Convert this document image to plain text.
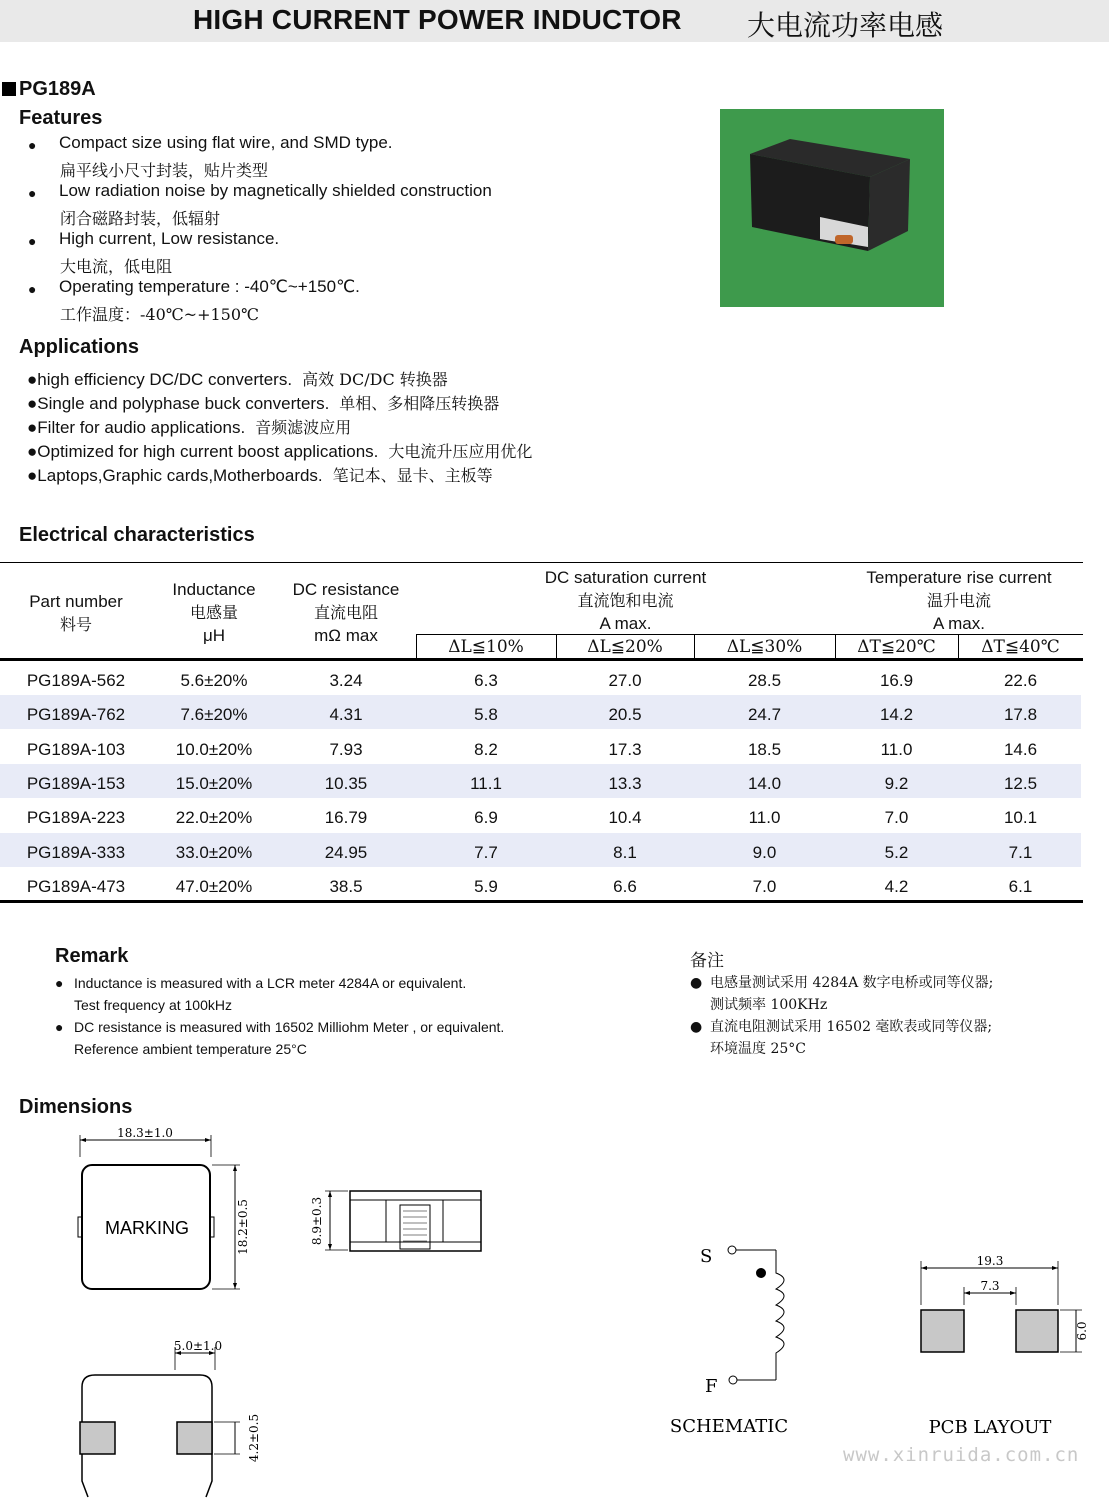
HIGH CURRENT POWER INDUCTOR 大电流功率电感
PG189A
Features
● Compact size using flat wire, and SMD type.
扁平线小尺寸封装，贴片类型
● Low radiation noise by magnetically shielded construction
闭合磁路封装，低辐射
● High current, Low resistance.
大电流，低电阻
● Operating temperature : -40℃~+150℃.
工作温度：-40℃~+150℃
Applications
●high efficiency DC/DC converters. 高效 DC/DC 转换器
●Single and polyphase buck converters. 单相、多相降压转换器
●Filter for audio applications. 音频滤波应用
●Optimized for high current boost applications. 大电流升压应用优化
●Laptops,Graphic cards,Motherboards. 笔记本、显卡、主板等
Electrical characteristics
Part number
料号
Inductance
电感量
μH
DC resistance
直流电阻
mΩ max
DC saturation current
直流饱和电流
A max.
Temperature rise current
温升电流
A max.
ΔL≦10%	ΔL≦20%	ΔL≦30%	ΔT≦20℃	ΔT≦40℃
PG189A-562	5.6±20%	3.24	6.3	27.0	28.5	16.9	22.6
PG189A-762	7.6±20%	4.31	5.8	20.5	24.7	14.2	17.8
PG189A-103	10.0±20%	7.93	8.2	17.3	18.5	11.0	14.6
PG189A-153	15.0±20%	10.35	11.1	13.3	14.0	9.2	12.5
PG189A-223	22.0±20%	16.79	6.9	10.4	11.0	7.0	10.1
PG189A-333	33.0±20%	24.95	7.7	8.1	9.0	5.2	7.1
PG189A-473	47.0±20%	38.5	5.9	6.6	7.0	4.2	6.1
Remark
● Inductance is measured with a LCR meter 4284A or equivalent.
Test frequency at 100kHz
● DC resistance is measured with 16502 Milliohm Meter , or equivalent.
Reference ambient temperature 25°C
备注
● 电感量测试采用 4284A 数字电桥或同等仪器;
测试频率 100KHz
● 直流电阻测试采用 16502 毫欧表或同等仪器;
环境温度 25°C
Dimensions
18.3±1.0
MARKING	18.2±0.5	8.9±0.3
5.0±1.0
4.2±0.5
S
F
SCHEMATIC
19.3
7.3
6.0
PCB LAYOUT
www.xinruida.com.cn
